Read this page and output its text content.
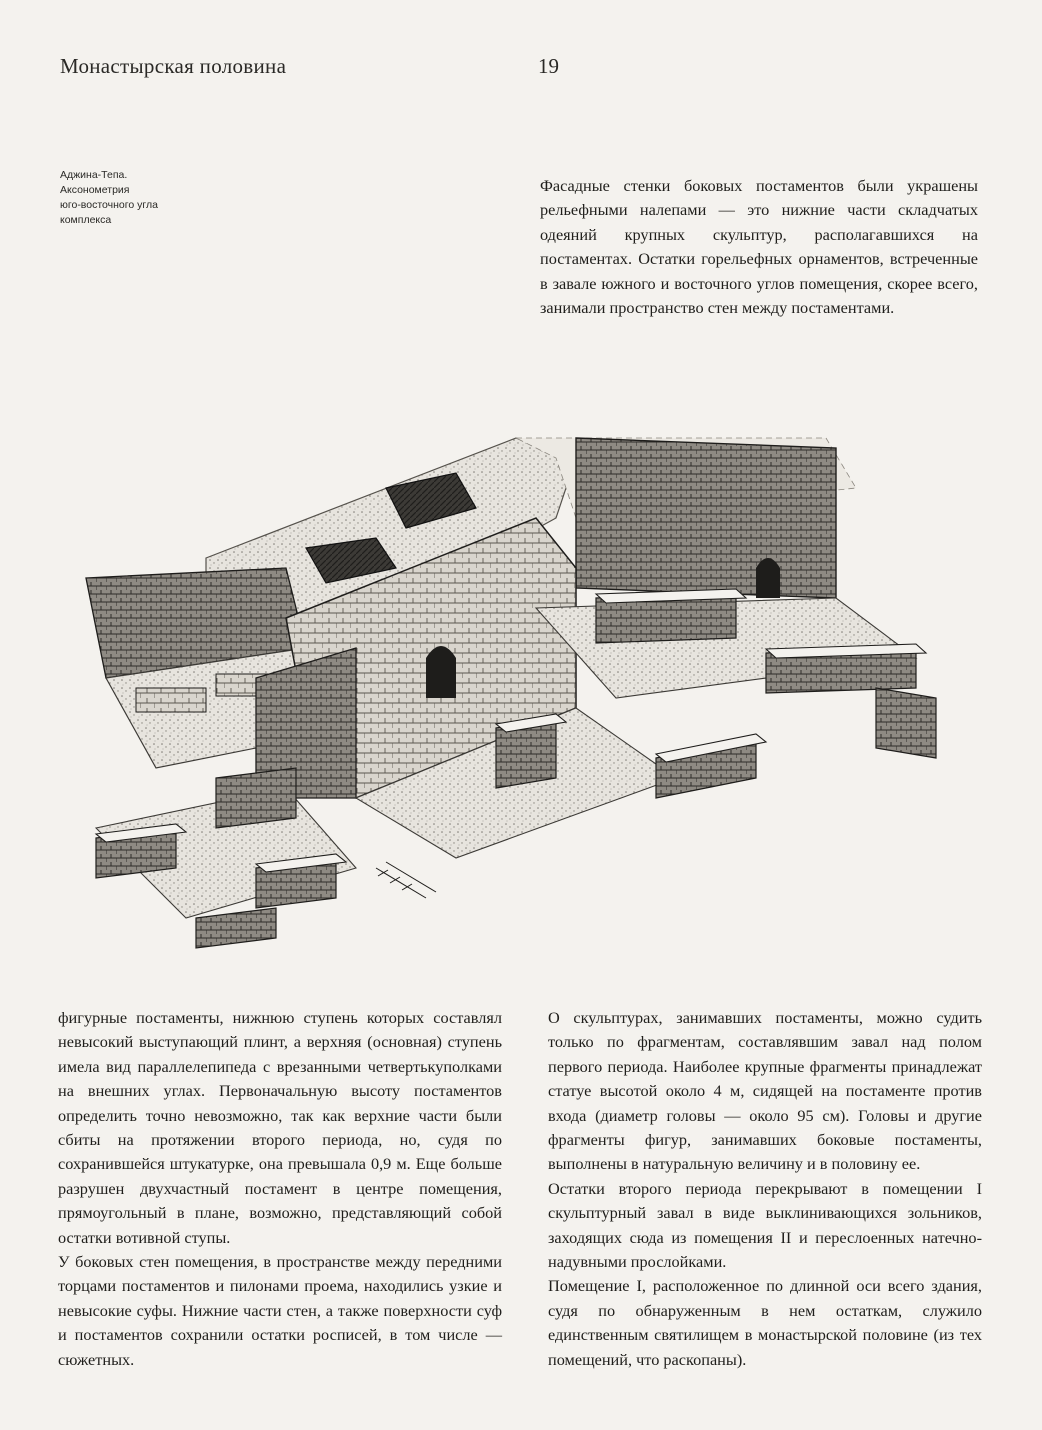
Монастырская половина	19
Аджина-Тепа.
Аксонометрия
юго-восточного угла
комплекса

Фасадные стенки боковых постаментов были украшены рельефными налепами — это нижние части складчатых одеяний крупных скульптур, располагавшихся на постаментах. Остатки горельефных орнаментов, встреченные в завале южного и восточного углов помещения, скорее всего, занимали пространство стен между постаментами.

фигурные постаменты, нижнюю ступень которых составлял невысокий выступающий плинт, а верхняя (основная) ступень имела вид параллелепипеда с врезанными четвертькуполками на внешних углах. Первоначальную высоту постаментов определить точно невозможно, так как верхние части были сбиты на протяжении второго периода, но, судя по сохранившейся штукатурке, она превышала 0,9 м. Еще больше разрушен двухчастный постамент в центре помещения, прямоугольный в плане, возможно, представляющий собой остатки вотивной ступы.

У боковых стен помещения, в пространстве между передними торцами постаментов и пилонами проема, находились узкие и невысокие суфы. Нижние части стен, а также поверхности суф и постаментов сохранили остатки росписей, в том числе — сюжетных.

О скульптурах, занимавших постаменты, можно судить только по фрагментам, составлявшим завал над полом первого периода. Наиболее крупные фрагменты принадлежат статуе высотой около 4 м, сидящей на постаменте против входа (диаметр головы — около 95 см). Головы и другие фрагменты фигур, занимавших боковые постаменты, выполнены в натуральную величину и в половину ее.

Остатки второго периода перекрывают в помещении I скульптурный завал в виде выклинивающихся зольников, заходящих сюда из помещения II и переслоенных натечно-надувными прослойками.

Помещение I, расположенное по длинной оси всего здания, судя по обнаруженным в нем остаткам, служило единственным святилищем в монастырской половине (из тех помещений, что раскопаны).
